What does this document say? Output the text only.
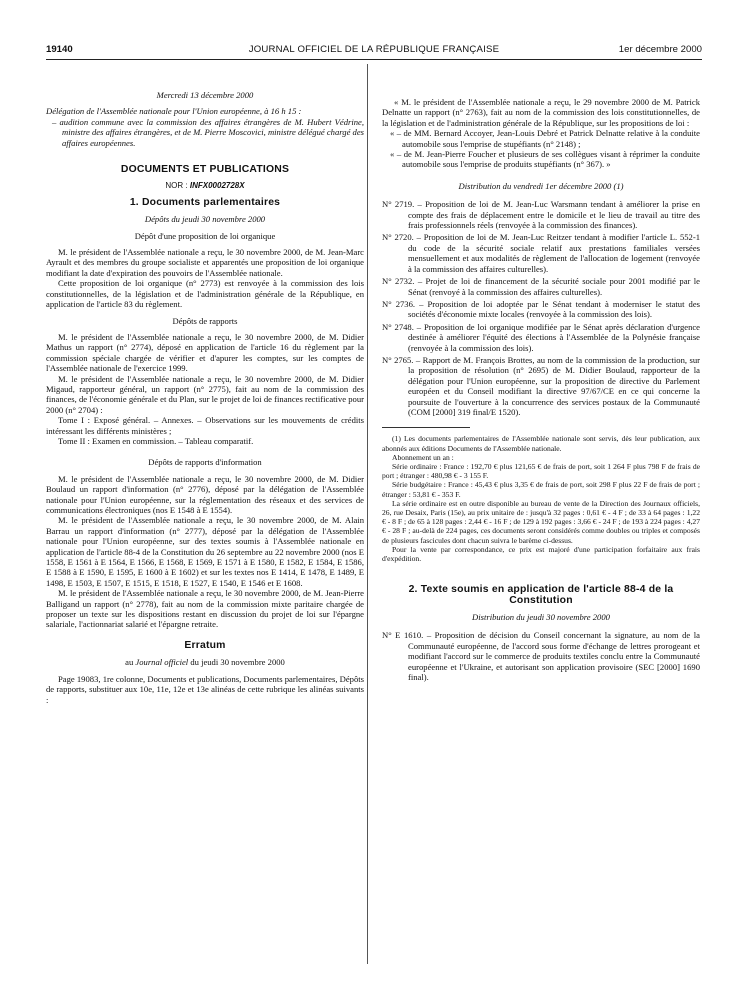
19140	JOURNAL OFFICIEL DE LA RÉPUBLIQUE FRANÇAISE	1er décembre 2000

Mercredi 13 décembre 2000

Délégation de l'Assemblée nationale pour l'Union européenne, à 16 h 15 :

– audition commune avec la commission des affaires étrangères de M. Hubert Védrine, ministre des affaires étrangères, et de M. Pierre Moscovici, ministre délégué chargé des affaires européennes.

DOCUMENTS ET PUBLICATIONS

NOR : INFX0002728X

1. Documents parlementaires

Dépôts du jeudi 30 novembre 2000

Dépôt d'une proposition de loi organique

M. le président de l'Assemblée nationale a reçu, le 30 novembre 2000, de M. Jean-Marc Ayrault et des membres du groupe socialiste et apparentés une proposition de loi organique modifiant la date d'expiration des pouvoirs de l'Assemblée nationale.

Cette proposition de loi organique (n° 2773) est renvoyée à la commission des lois constitutionnelles, de la législation et de l'administration générale de la République, en application de l'article 83 du règlement.

Dépôts de rapports

M. le président de l'Assemblée nationale a reçu, le 30 novembre 2000, de M. Didier Mathus un rapport (n° 2774), déposé en application de l'article 16 du règlement par la commission spéciale chargée de vérifier et d'apurer les comptes, sur les comptes de l'Assemblée nationale de l'exercice 1999.

M. le président de l'Assemblée nationale a reçu, le 30 novembre 2000, de M. Didier Migaud, rapporteur général, un rapport (n° 2775), fait au nom de la commission des finances, de l'économie générale et du Plan, sur le projet de loi de finances rectificative pour 2000 (n° 2704) :

Tome I : Exposé général. – Annexes. – Observations sur les mouvements de crédits intéressant les différents ministères ;

Tome II : Examen en commission. – Tableau comparatif.

Dépôts de rapports d'information

M. le président de l'Assemblée nationale a reçu, le 30 novembre 2000, de M. Didier Boulaud un rapport d'information (n° 2776), déposé par la délégation de l'Assemblée nationale pour l'Union européenne, sur la réglementation des réseaux et des services de communications électroniques (nos E 1548 à E 1554).

M. le président de l'Assemblée nationale a reçu, le 30 novembre 2000, de M. Alain Barrau un rapport d'information (n° 2777), déposé par la délégation de l'Assemblée nationale pour l'Union européenne, sur des textes soumis à l'Assemblée nationale en application de l'article 88-4 de la Constitution du 26 septembre au 22 novembre 2000 (nos E 1558, E 1561 à E 1564, E 1566, E 1568, E 1569, E 1571 à E 1580, E 1582, E 1584, E 1586, E 1588 à E 1590, E 1595, E 1600 à E 1602) et sur les textes nos E 1414, E 1478, E 1489, E 1498, E 1503, E 1507, E 1515, E 1518, E 1527, E 1540, E 1546 et E 1608.

M. le président de l'Assemblée nationale a reçu, le 30 novembre 2000, de M. Jean-Pierre Balligand un rapport (n° 2778), fait au nom de la commission mixte paritaire chargée de proposer un texte sur les dispositions restant en discussion du projet de loi sur l'épargne salariale, l'actionnariat salarié et l'épargne retraite.

Erratum

au Journal officiel du jeudi 30 novembre 2000

Page 19083, 1re colonne, Documents et publications, Documents parlementaires, Dépôts de rapports, substituer aux 10e, 11e, 12e et 13e alinéas de cette rubrique les alinéas suivants :

« M. le président de l'Assemblée nationale a reçu, le 29 novembre 2000 de M. Patrick Delnatte un rapport (n° 2763), fait au nom de la commission des lois constitutionnelles, de la législation et de l'administration générale de la République, sur les propositions de loi :

« – de MM. Bernard Accoyer, Jean-Louis Debré et Patrick Delnatte relative à la conduite automobile sous l'emprise de stupéfiants (n° 2148) ;

« – de M. Jean-Pierre Foucher et plusieurs de ses collègues visant à réprimer la conduite automobile sous l'emprise de produits stupéfiants (n° 367). »

Distribution du vendredi 1er décembre 2000 (1)

N° 2719. – Proposition de loi de M. Jean-Luc Warsmann tendant à améliorer la prise en compte des frais de déplacement entre le domicile et le lieu de travail au titre des frais professionnels réels (renvoyée à la commission des finances).

N° 2720. – Proposition de loi de M. Jean-Luc Reitzer tendant à modifier l'article L. 552-1 du code de la sécurité sociale relatif aux prestations familiales versées mensuellement et aux modalités de règlement de l'allocation de logement (renvoyée à la commission des affaires culturelles).

N° 2732. – Projet de loi de financement de la sécurité sociale pour 2001 modifié par le Sénat (renvoyé à la commission des affaires culturelles).

N° 2736. – Proposition de loi adoptée par le Sénat tendant à moderniser le statut des sociétés d'économie mixte locales (renvoyée à la commission des lois).

N° 2748. – Proposition de loi organique modifiée par le Sénat après déclaration d'urgence destinée à améliorer l'équité des élections à l'Assemblée de la Polynésie française (renvoyée à la commission des lois).

N° 2765. – Rapport de M. François Brottes, au nom de la commission de la production, sur la proposition de résolution (n° 2695) de M. Didier Boulaud, rapporteur de la délégation pour l'Union européenne, sur la proposition de directive du Parlement européen et du Conseil modifiant la directive 97/67/CE en ce qui concerne la poursuite de l'ouverture à la concurrence des services postaux de la Communauté (COM [2000] 319 final/E 1520).

(1) Les documents parlementaires de l'Assemblée nationale sont servis, dès leur publication, aux abonnés aux éditions Documents de l'Assemblée nationale.

Abonnement un an :

Série ordinaire : France : 192,70 € plus 121,65 € de frais de port, soit 1 264 F plus 798 F de frais de port ; étranger : 480,98 € - 3 155 F.

Série budgétaire : France : 45,43 € plus 3,35 € de frais de port, soit 298 F plus 22 F de frais de port ; étranger : 53,81 € - 353 F.

La série ordinaire est en outre disponible au bureau de vente de la Direction des Journaux officiels, 26, rue Desaix, Paris (15e), au prix unitaire de : jusqu'à 32 pages : 0,61 € - 4 F ; de 33 à 64 pages : 1,22 € - 8 F ; de 65 à 128 pages : 2,44 € - 16 F ; de 129 à 192 pages : 3,66 € - 24 F ; de 193 à 224 pages : 4,27 € - 28 F ; au-delà de 224 pages, ces documents seront considérés comme doubles ou triples et composés de plusieurs fascicules dont chacun suivra le barème ci-dessus.

Pour la vente par correspondance, ce prix est majoré d'une participation forfaitaire aux frais d'expédition.

2. Texte soumis en application de l'article 88-4 de la Constitution

Distribution du jeudi 30 novembre 2000

N° E 1610. – Proposition de décision du Conseil concernant la signature, au nom de la Communauté européenne, de l'accord sous forme d'échange de lettres prorogeant et modifiant l'accord sur le commerce de produits textiles conclu entre la Communauté européenne et l'Ukraine, et autorisant son application provisoire (SEC [2000] 1690 final).
